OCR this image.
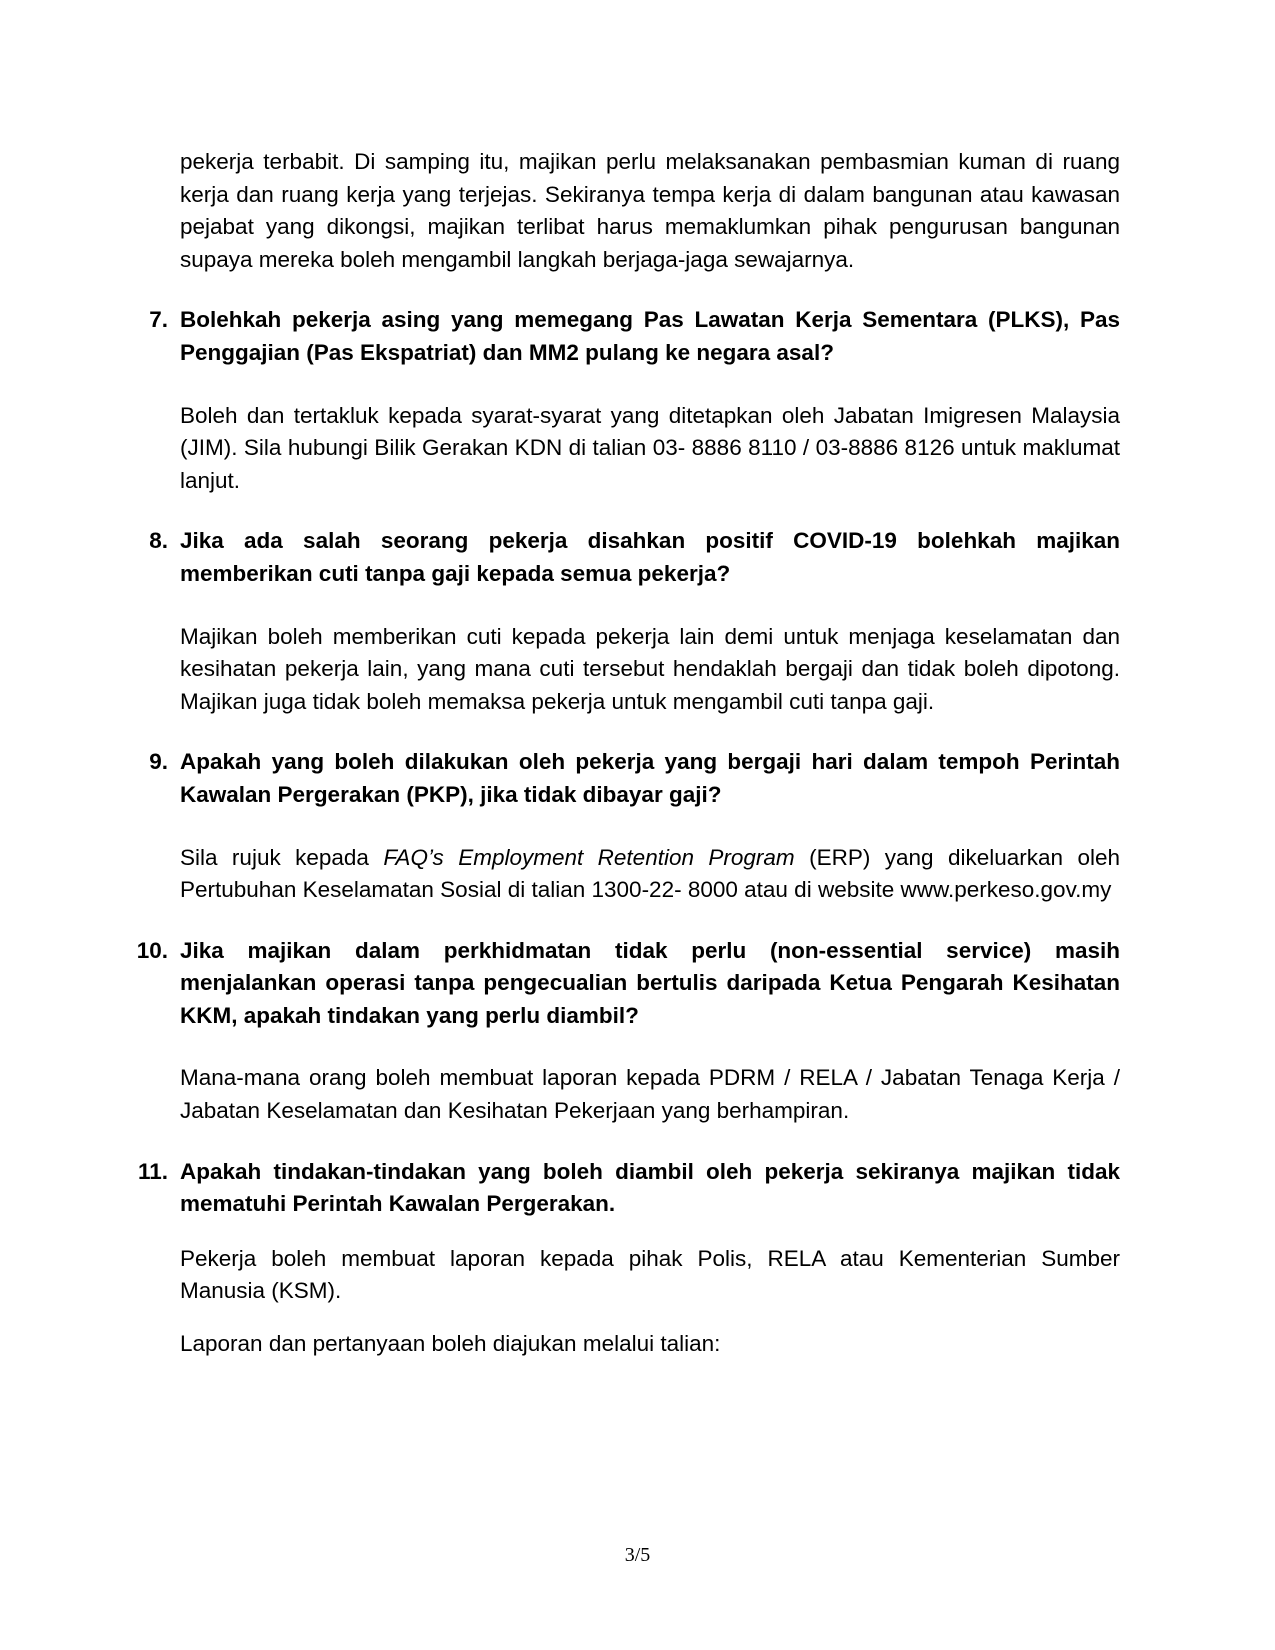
pekerja terbabit. Di samping itu, majikan perlu melaksanakan pembasmian kuman di ruang kerja dan ruang kerja yang terjejas. Sekiranya tempa kerja di dalam bangunan atau kawasan pejabat yang dikongsi, majikan terlibat harus memaklumkan pihak pengurusan bangunan supaya mereka boleh mengambil langkah berjaga-jaga sewajarnya.

7. Bolehkah pekerja asing yang memegang Pas Lawatan Kerja Sementara (PLKS), Pas Penggajian (Pas Ekspatriat) dan MM2 pulang ke negara asal?

Boleh dan tertakluk kepada syarat-syarat yang ditetapkan oleh Jabatan Imigresen Malaysia (JIM). Sila hubungi Bilik Gerakan KDN di talian 03- 8886 8110 / 03-8886 8126 untuk maklumat lanjut.

8. Jika ada salah seorang pekerja disahkan positif COVID-19 bolehkah majikan memberikan cuti tanpa gaji kepada semua pekerja?

Majikan boleh memberikan cuti kepada pekerja lain demi untuk menjaga keselamatan dan kesihatan pekerja lain, yang mana cuti tersebut hendaklah bergaji dan tidak boleh dipotong. Majikan juga tidak boleh memaksa pekerja untuk mengambil cuti tanpa gaji.

9. Apakah yang boleh dilakukan oleh pekerja yang bergaji hari dalam tempoh Perintah Kawalan Pergerakan (PKP), jika tidak dibayar gaji?

Sila rujuk kepada FAQ’s Employment Retention Program (ERP) yang dikeluarkan oleh Pertubuhan Keselamatan Sosial di talian 1300-22- 8000 atau di website www.perkeso.gov.my

10. Jika majikan dalam perkhidmatan tidak perlu (non-essential service) masih menjalankan operasi tanpa pengecualian bertulis daripada Ketua Pengarah Kesihatan KKM, apakah tindakan yang perlu diambil?

Mana-mana orang boleh membuat laporan kepada PDRM / RELA / Jabatan Tenaga Kerja / Jabatan Keselamatan dan Kesihatan Pekerjaan yang berhampiran.

11. Apakah tindakan-tindakan yang boleh diambil oleh pekerja sekiranya majikan tidak mematuhi Perintah Kawalan Pergerakan.

Pekerja boleh membuat laporan kepada pihak Polis, RELA atau Kementerian Sumber Manusia (KSM).

Laporan dan pertanyaan boleh diajukan melalui talian:

3/5
